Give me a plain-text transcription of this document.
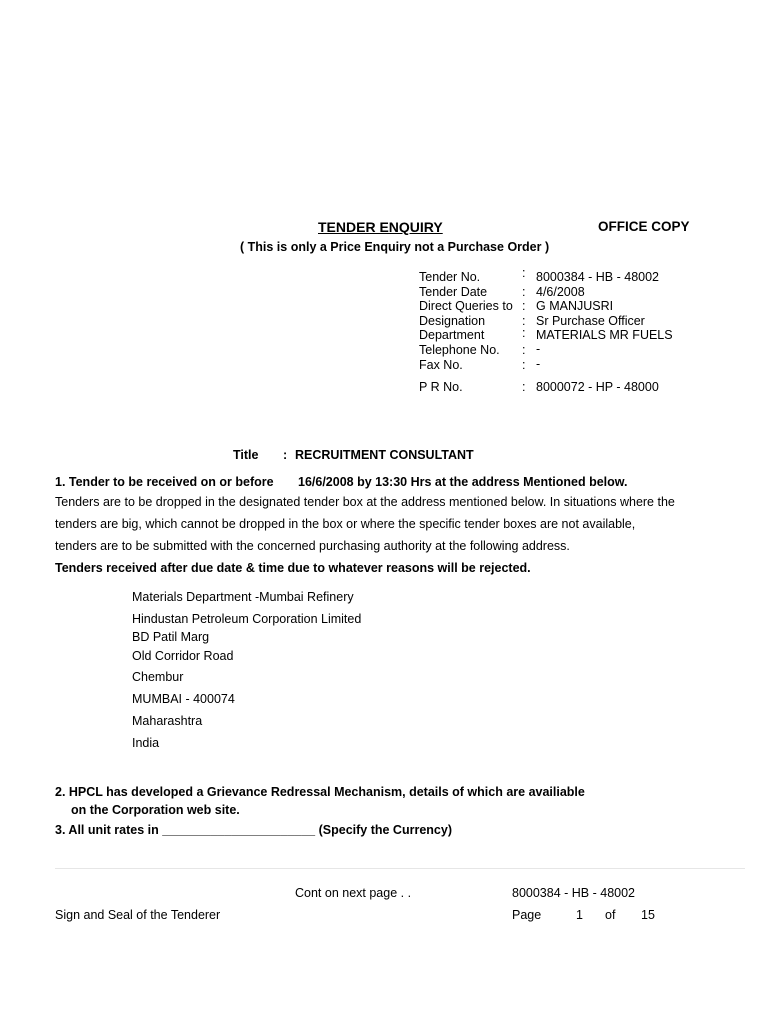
TENDER ENQUIRY	OFFICE COPY
( This is only a Price Enquiry not a Purchase Order )
Tender No.	: 8000384 - HB - 48002
Tender Date	: 4/6/2008
Direct Queries to : G MANJUSRI
Designation	: Sr Purchase Officer
Department	: MATERIALS MR FUELS
Telephone No. : -
Fax No.	: -
P R No.	: 8000072 - HP - 48000
Title : RECRUITMENT CONSULTANT
1. Tender to be received on or before 16/6/2008 by 13:30 Hrs at the address Mentioned below.
Tenders are to be dropped in the designated tender box at the address mentioned below. In situations where the
tenders are big, which cannot be dropped in the box or where the specific tender boxes are not available,
tenders are to be submitted with the concerned purchasing authority at the following address.
Tenders received after due date & time due to whatever reasons will be rejected.
Materials Department -Mumbai Refinery
Hindustan Petroleum Corporation Limited
BD Patil Marg
Old Corridor Road
Chembur
MUMBAI - 400074
Maharashtra
India
2. HPCL has developed a Grievance Redressal Mechanism, details of which are availiable
on the Corporation web site.
3. All unit rates in ______________________ (Specify the Currency)
Cont on next page . .	8000384 - HB - 48002
Sign and Seal of the Tenderer	Page	1 of 15
